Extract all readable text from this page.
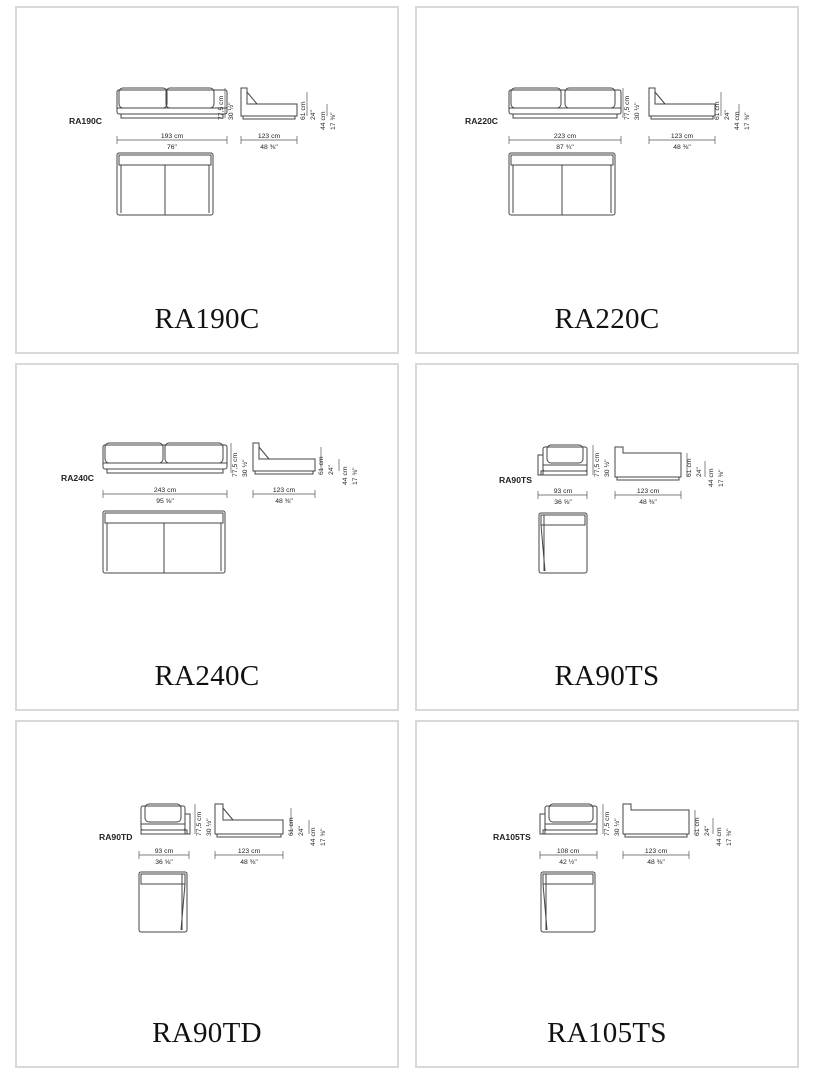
RA190C
193 cm
76"
123 cm
48 ⅜"
77,5 cm 30 ½"	61 cm 24" 44 cm 17 ⅜"
RA190C
RA220C
223 cm
87 ¾"
123 cm
48 ⅜"
77,5 cm 30 ½"	61 cm 24" 44 cm 17 ⅜"
RA220C
RA240C
243 cm
95 ⅝"
123 cm
48 ⅜"
77,5 cm 30 ½"	61 cm 24" 44 cm 17 ⅜"
RA240C
RA90TS
93 cm
36 ⅝"
123 cm
48 ⅜"
77,5 cm 30 ½"	61 cm 24" 44 cm 17 ⅜"
RA90TS
RA90TD
93 cm
36 ⅝"
123 cm
48 ⅜"
77,5 cm 30 ½"	61 cm 24" 44 cm 17 ⅜"
RA90TD
RA105TS
108 cm
42 ½"
123 cm
48 ⅜"
77,5 cm 30 ½"	61 cm 24" 44 cm 17 ⅜"
RA105TS
